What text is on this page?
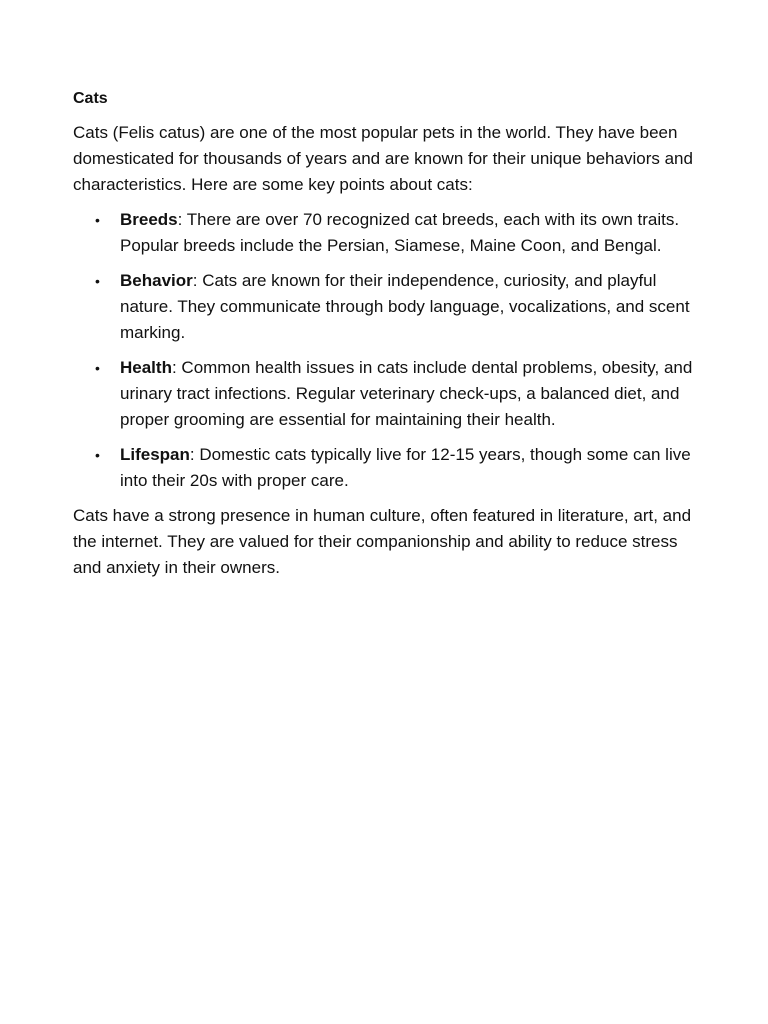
Cats

Cats (Felis catus) are one of the most popular pets in the world. They have been domesticated for thousands of years and are known for their unique behaviors and characteristics. Here are some key points about cats:

• Breeds: There are over 70 recognized cat breeds, each with its own traits. Popular breeds include the Persian, Siamese, Maine Coon, and Bengal.
• Behavior: Cats are known for their independence, curiosity, and playful nature. They communicate through body language, vocalizations, and scent marking.
• Health: Common health issues in cats include dental problems, obesity, and urinary tract infections. Regular veterinary check-ups, a balanced diet, and proper grooming are essential for maintaining their health.
• Lifespan: Domestic cats typically live for 12-15 years, though some can live into their 20s with proper care.

Cats have a strong presence in human culture, often featured in literature, art, and the internet. They are valued for their companionship and ability to reduce stress and anxiety in their owners.
